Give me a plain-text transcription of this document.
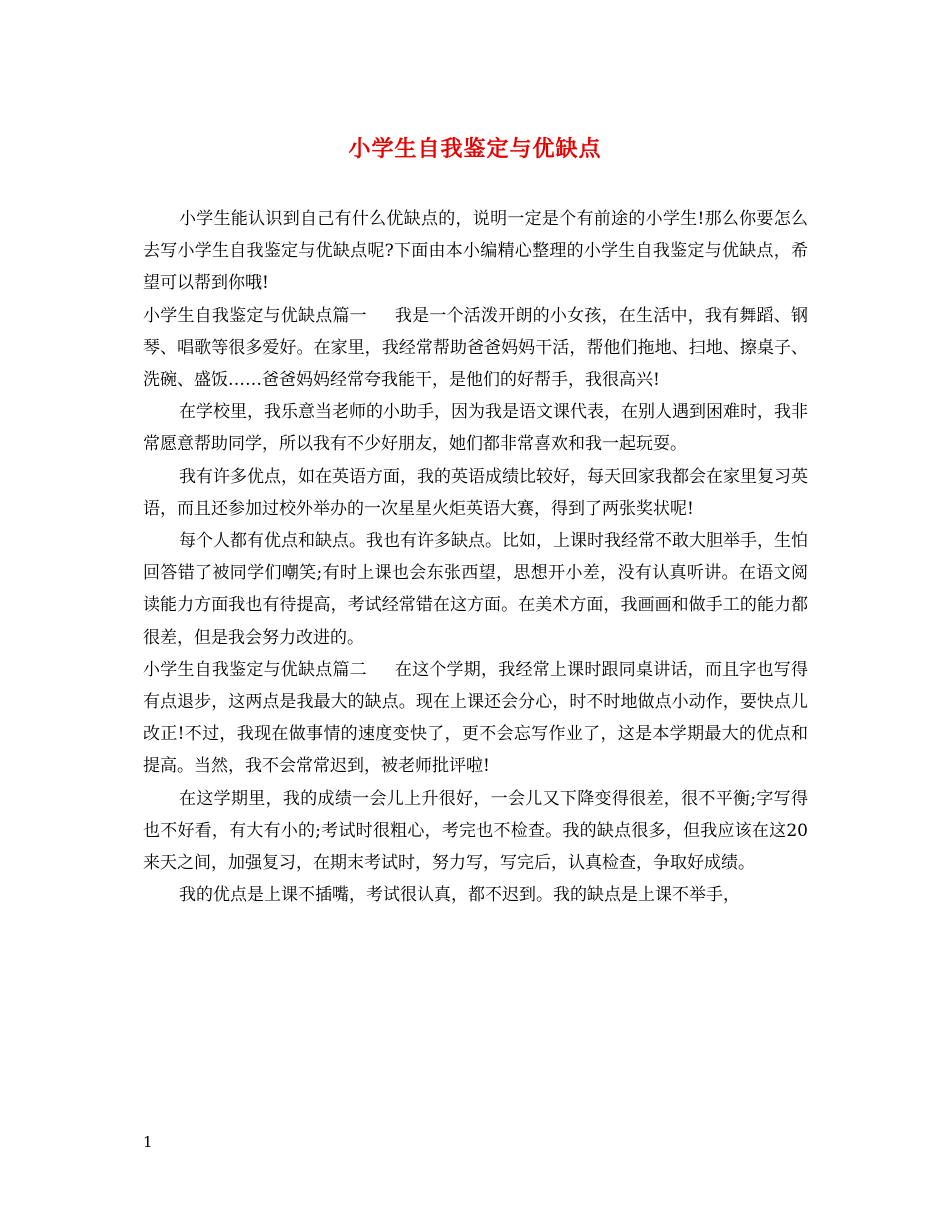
小学生自我鉴定与优缺点

小学生能认识到自己有什么优缺点的，说明一定是个有前途的小学生!那么你要怎么去写小学生自我鉴定与优缺点呢?下面由本小编精心整理的小学生自我鉴定与优缺点，希望可以帮到你哦!

小学生自我鉴定与优缺点篇一 我是一个活泼开朗的小女孩，在生活中，我有舞蹈、钢琴、唱歌等很多爱好。在家里，我经常帮助爸爸妈妈干活，帮他们拖地、扫地、擦桌子、洗碗、盛饭……爸爸妈妈经常夸我能干，是他们的好帮手，我很高兴!

在学校里，我乐意当老师的小助手，因为我是语文课代表，在别人遇到困难时，我非常愿意帮助同学，所以我有不少好朋友，她们都非常喜欢和我一起玩耍。

我有许多优点，如在英语方面，我的英语成绩比较好，每天回家我都会在家里复习英语，而且还参加过校外举办的一次星星火炬英语大赛，得到了两张奖状呢!

每个人都有优点和缺点。我也有许多缺点。比如，上课时我经常不敢大胆举手，生怕回答错了被同学们嘲笑;有时上课也会东张西望，思想开小差，没有认真听讲。在语文阅读能力方面我也有待提高，考试经常错在这方面。在美术方面，我画画和做手工的能力都很差，但是我会努力改进的。

小学生自我鉴定与优缺点篇二 在这个学期，我经常上课时跟同桌讲话，而且字也写得有点退步，这两点是我最大的缺点。现在上课还会分心，时不时地做点小动作，要快点儿改正!不过，我现在做事情的速度变快了，更不会忘写作业了，这是本学期最大的优点和提高。当然，我不会常常迟到，被老师批评啦!

在这学期里，我的成绩一会儿上升很好，一会儿又下降变得很差，很不平衡;字写得也不好看，有大有小的;考试时很粗心，考完也不检查。我的缺点很多，但我应该在这20来天之间，加强复习，在期末考试时，努力写，写完后，认真检查，争取好成绩。

我的优点是上课不插嘴，考试很认真，都不迟到。我的缺点是上课不举手，

1
